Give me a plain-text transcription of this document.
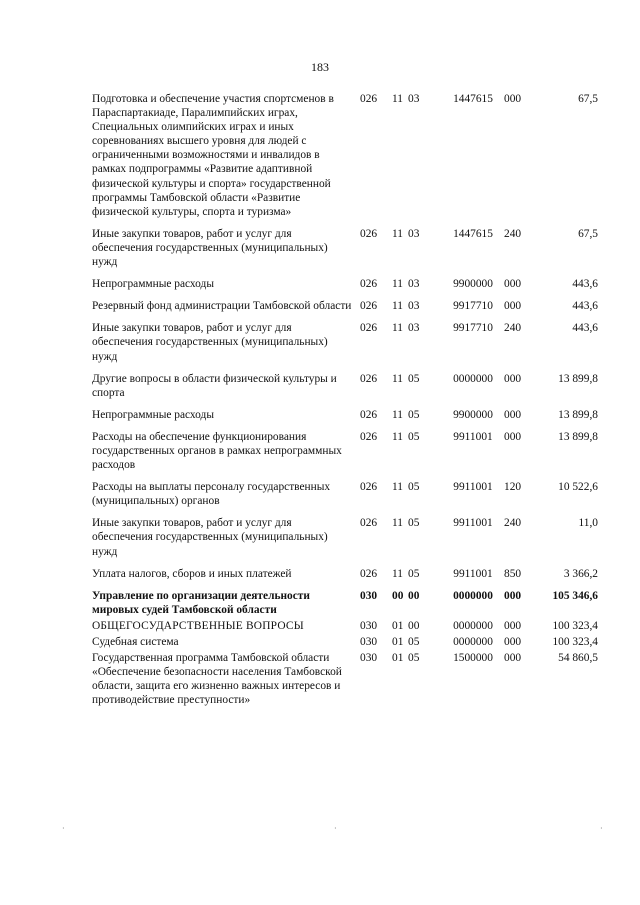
183
Подготовка и обеспечение участия спортсменов в Параспартакиаде, Паралимпийских играх, Специальных олимпийских играх и иных соревнованиях высшего уровня для людей с ограниченными возможностями и инвалидов в рамках подпрограммы «Развитие адаптивной физической культуры и спорта» государственной программы Тамбовской области «Развитие физической культуры, спорта и туризма»	026	11	03	1447615	000	67,5
Иные закупки товаров, работ и услуг для обеспечения государственных (муниципальных) нужд	026	11	03	1447615	240	67,5
Непрограммные расходы	026	11	03	9900000	000	443,6
Резервный фонд администрации Тамбовской области	026	11	03	9917710	000	443,6
Иные закупки товаров, работ и услуг для обеспечения государственных (муниципальных) нужд	026	11	03	9917710	240	443,6
Другие вопросы в области физической культуры и спорта	026	11	05	0000000	000	13 899,8
Непрограммные расходы	026	11	05	9900000	000	13 899,8
Расходы на обеспечение функционирования государственных органов в рамках непрограммных расходов	026	11	05	9911001	000	13 899,8
Расходы на выплаты персоналу государственных (муниципальных) органов	026	11	05	9911001	120	10 522,6
Иные закупки товаров, работ и услуг для обеспечения государственных (муниципальных) нужд	026	11	05	9911001	240	11,0
Уплата налогов, сборов и иных платежей	026	11	05	9911001	850	3 366,2
Управление по организации деятельности мировых судей Тамбовской области	030	00	00	0000000	000	105 346,6
ОБЩЕГОСУДАРСТВЕННЫЕ ВОПРОСЫ	030	01	00	0000000	000	100 323,4
Судебная система	030	01	05	0000000	000	100 323,4
Государственная программа Тамбовской области «Обеспечение безопасности населения Тамбовской области, защита его жизненно важных интересов и противодействие преступности»	030	01	05	1500000	000	54 860,5
·	·	·
